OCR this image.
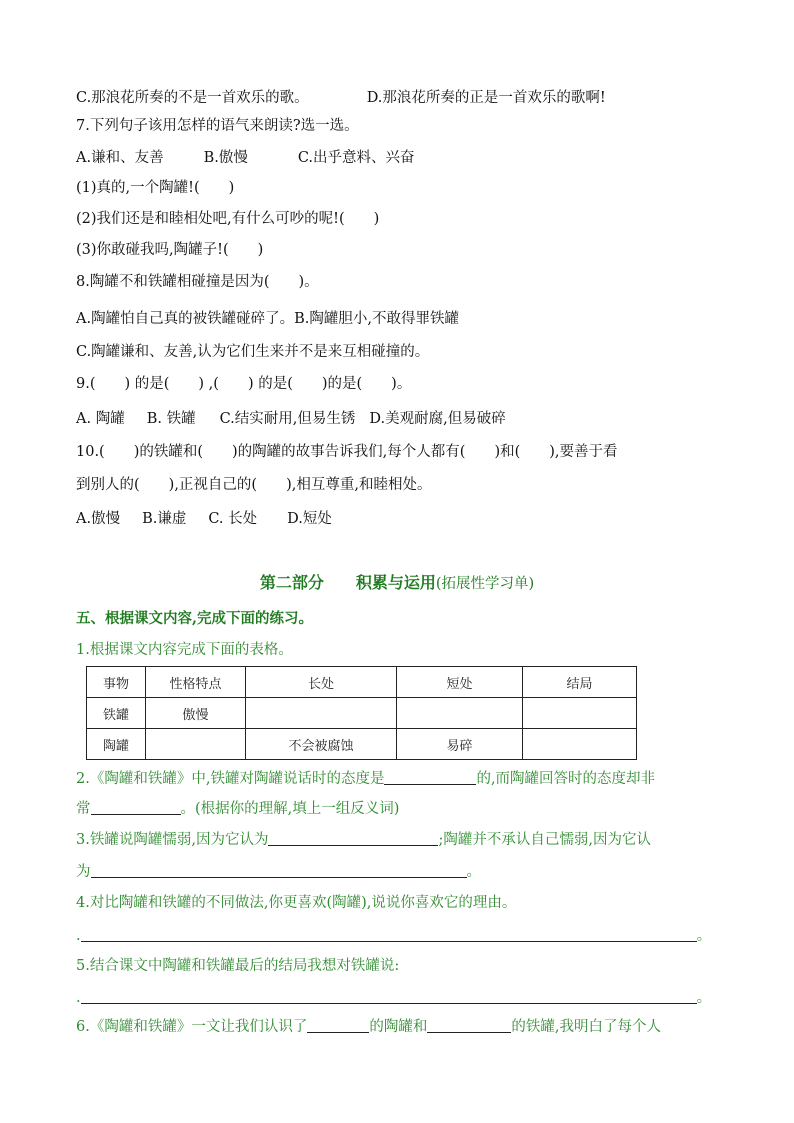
C.那浪花所奏的不是一首欢乐的歌。	D.那浪花所奏的正是一首欢乐的歌啊!
7.下列句子该用怎样的语气来朗读?选一选。
A.谦和、友善	B.傲慢	C.出乎意料、兴奋
(1)真的,一个陶罐!(　　)
(2)我们还是和睦相处吧,有什么可吵的呢!(　　)
(3)你敢碰我吗,陶罐子!(　　)
8.陶罐不和铁罐相碰撞是因为(　　)。
A.陶罐怕自己真的被铁罐碰碎了。B.陶罐胆小,不敢得罪铁罐
C.陶罐谦和、友善,认为它们生来并不是来互相碰撞的。
9.(　　) 的是(　　) ,(　　) 的是(　　)的是(　　)。
A. 陶罐 B. 铁罐 C.结实耐用,但易生锈 D.美观耐腐,但易破碎
10.(　　)的铁罐和(　　)的陶罐的故事告诉我们,每个人都有(　　)和(　　),要善于看
到别人的(　　),正视自己的(　　),相互尊重,和睦相处。
A.傲慢 B.谦虚 C. 长处 D.短处
第二部分　　积累与运用(拓展性学习单)
五、根据课文内容,完成下面的练习。
1.根据课文内容完成下面的表格。
事物	性格特点	长处	短处	结局
铁罐	傲慢			
陶罐		不会被腐蚀	易碎	
2.《陶罐和铁罐》中,铁罐对陶罐说话时的态度是	的,而陶罐回答时的态度却非
常	。(根据你的理解,填上一组反义词)
3.铁罐说陶罐懦弱,因为它认为	;陶罐并不承认自己懦弱,因为它认
为	。
4.对比陶罐和铁罐的不同做法,你更喜欢(陶罐),说说你喜欢它的理由。
.	。
5.结合课文中陶罐和铁罐最后的结局我想对铁罐说:
.	。
6.《陶罐和铁罐》一文让我们认识了	的陶罐和	的铁罐,我明白了每个人
